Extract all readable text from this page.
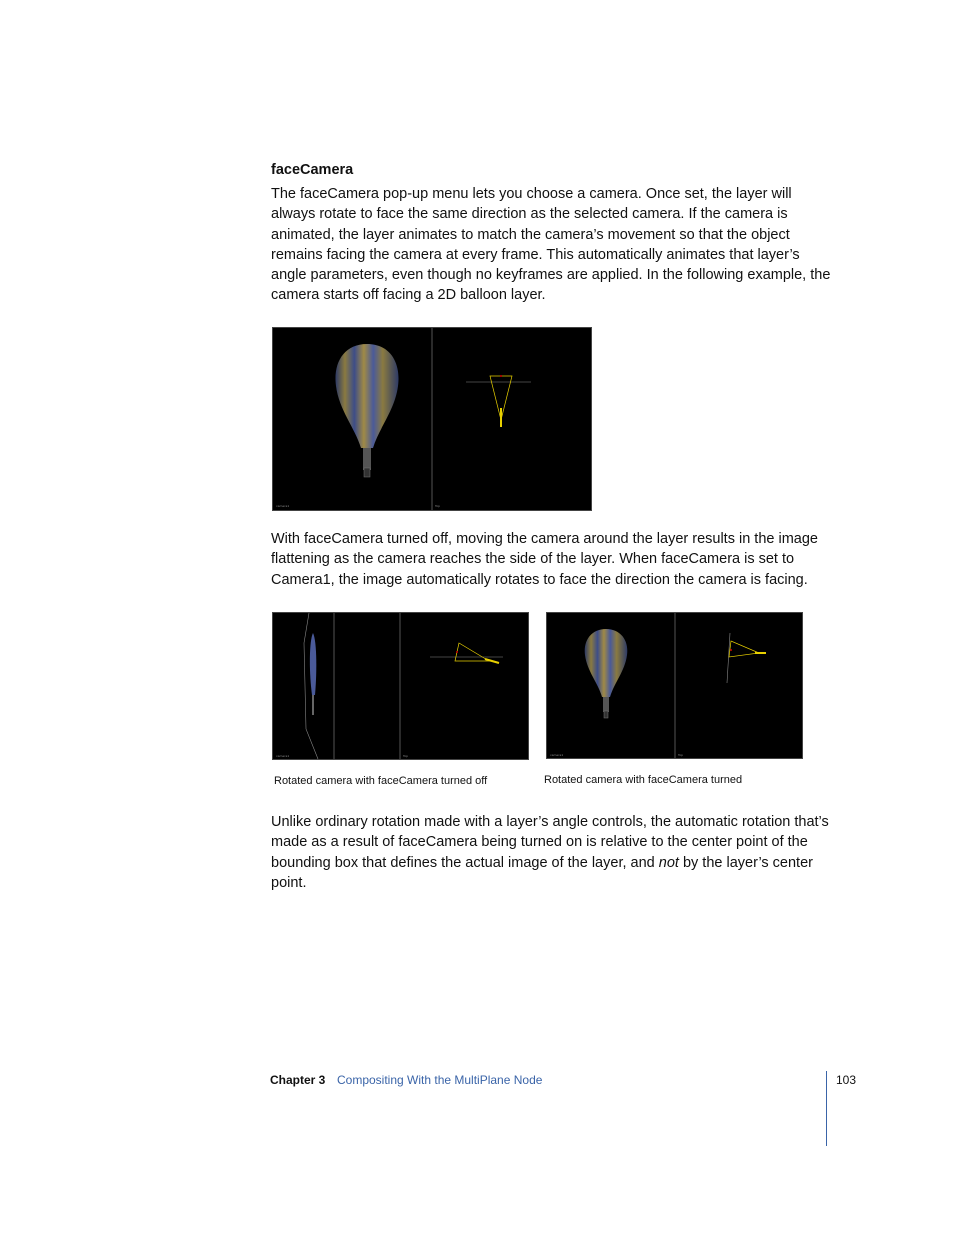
faceCamera
The faceCamera pop-up menu lets you choose a camera. Once set, the layer will always rotate to face the same direction as the selected camera. If the camera is animated, the layer animates to match the camera’s movement so that the object remains facing the camera at every frame. This automatically animates that layer’s angle parameters, even though no keyframes are applied. In the following example, the camera starts off facing a 2D balloon layer.
camera1	Top
With faceCamera turned off, moving the camera around the layer results in the image flattening as the camera reaches the side of the layer. When faceCamera is set to Camera1, the image automatically rotates to face the direction the camera is facing.
camera1	Top
Rotated camera with faceCamera turned off
camera1	Top
Rotated camera with faceCamera turned
Unlike ordinary rotation made with a layer’s angle controls, the automatic rotation that’s made as a result of faceCamera being turned on is relative to the center point of the bounding box that defines the actual image of the layer, and not by the layer’s center point.
Chapter 3 Compositing With the MultiPlane Node	103
